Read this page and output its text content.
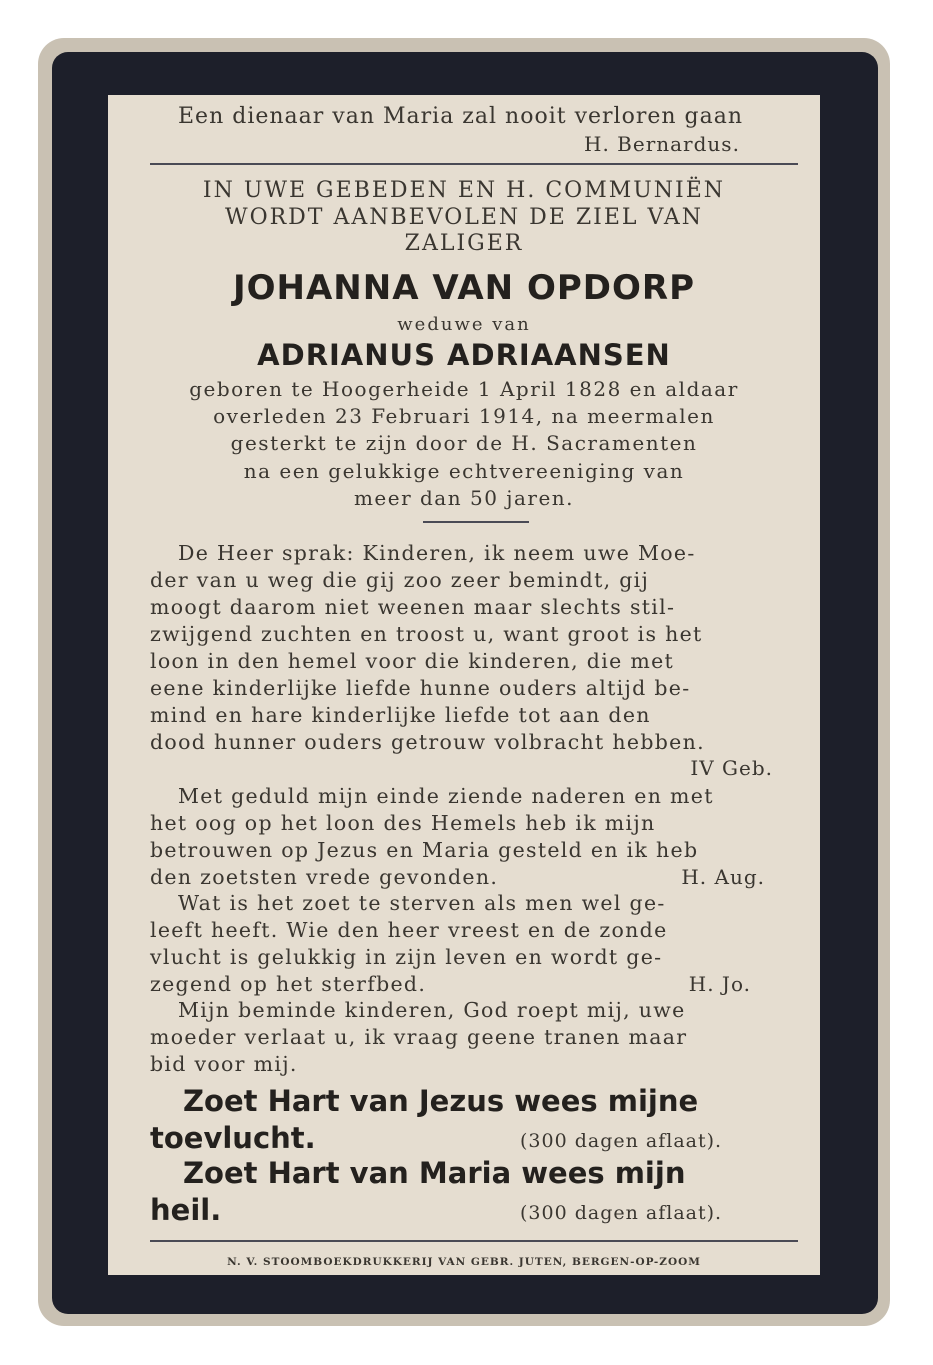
Een dienaar van Maria zal nooit verloren gaan
H. Bernardus.
IN UWE GEBEDEN EN H. COMMUNIËN
WORDT AANBEVOLEN DE ZIEL VAN
ZALIGER
JOHANNA VAN OPDORP
weduwe van
ADRIANUS ADRIAANSEN
geboren te Hoogerheide 1 April 1828 en aldaar
overleden 23 Februari 1914, na meermalen
gesterkt te zijn door de H. Sacramenten
na een gelukkige echtvereeniging van
meer dan 50 jaren.
De Heer sprak: Kinderen, ik neem uwe Moe-
der van u weg die gij zoo zeer bemindt, gij
moogt daarom niet weenen maar slechts stil-
zwijgend zuchten en troost u, want groot is het
loon in den hemel voor die kinderen, die met
eene kinderlijke liefde hunne ouders altijd be-
mind en hare kinderlijke liefde tot aan den
dood hunner ouders getrouw volbracht hebben.
IV Geb.
Met geduld mijn einde ziende naderen en met
het oog op het loon des Hemels heb ik mijn
betrouwen op Jezus en Maria gesteld en ik heb
den zoetsten vrede gevonden.	H. Aug.
Wat is het zoet te sterven als men wel ge-
leeft heeft. Wie den heer vreest en de zonde
vlucht is gelukkig in zijn leven en wordt ge-
zegend op het sterfbed.	H. Jo.
Mijn beminde kinderen, God roept mij, uwe
moeder verlaat u, ik vraag geene tranen maar
bid voor mij.
Zoet Hart van Jezus wees mijne
toevlucht.	(300 dagen aflaat).
Zoet Hart van Maria wees mijn
heil.	(300 dagen aflaat).
N. V. STOOMBOEKDRUKKERIJ VAN GEBR. JUTEN, BERGEN-OP-ZOOM
